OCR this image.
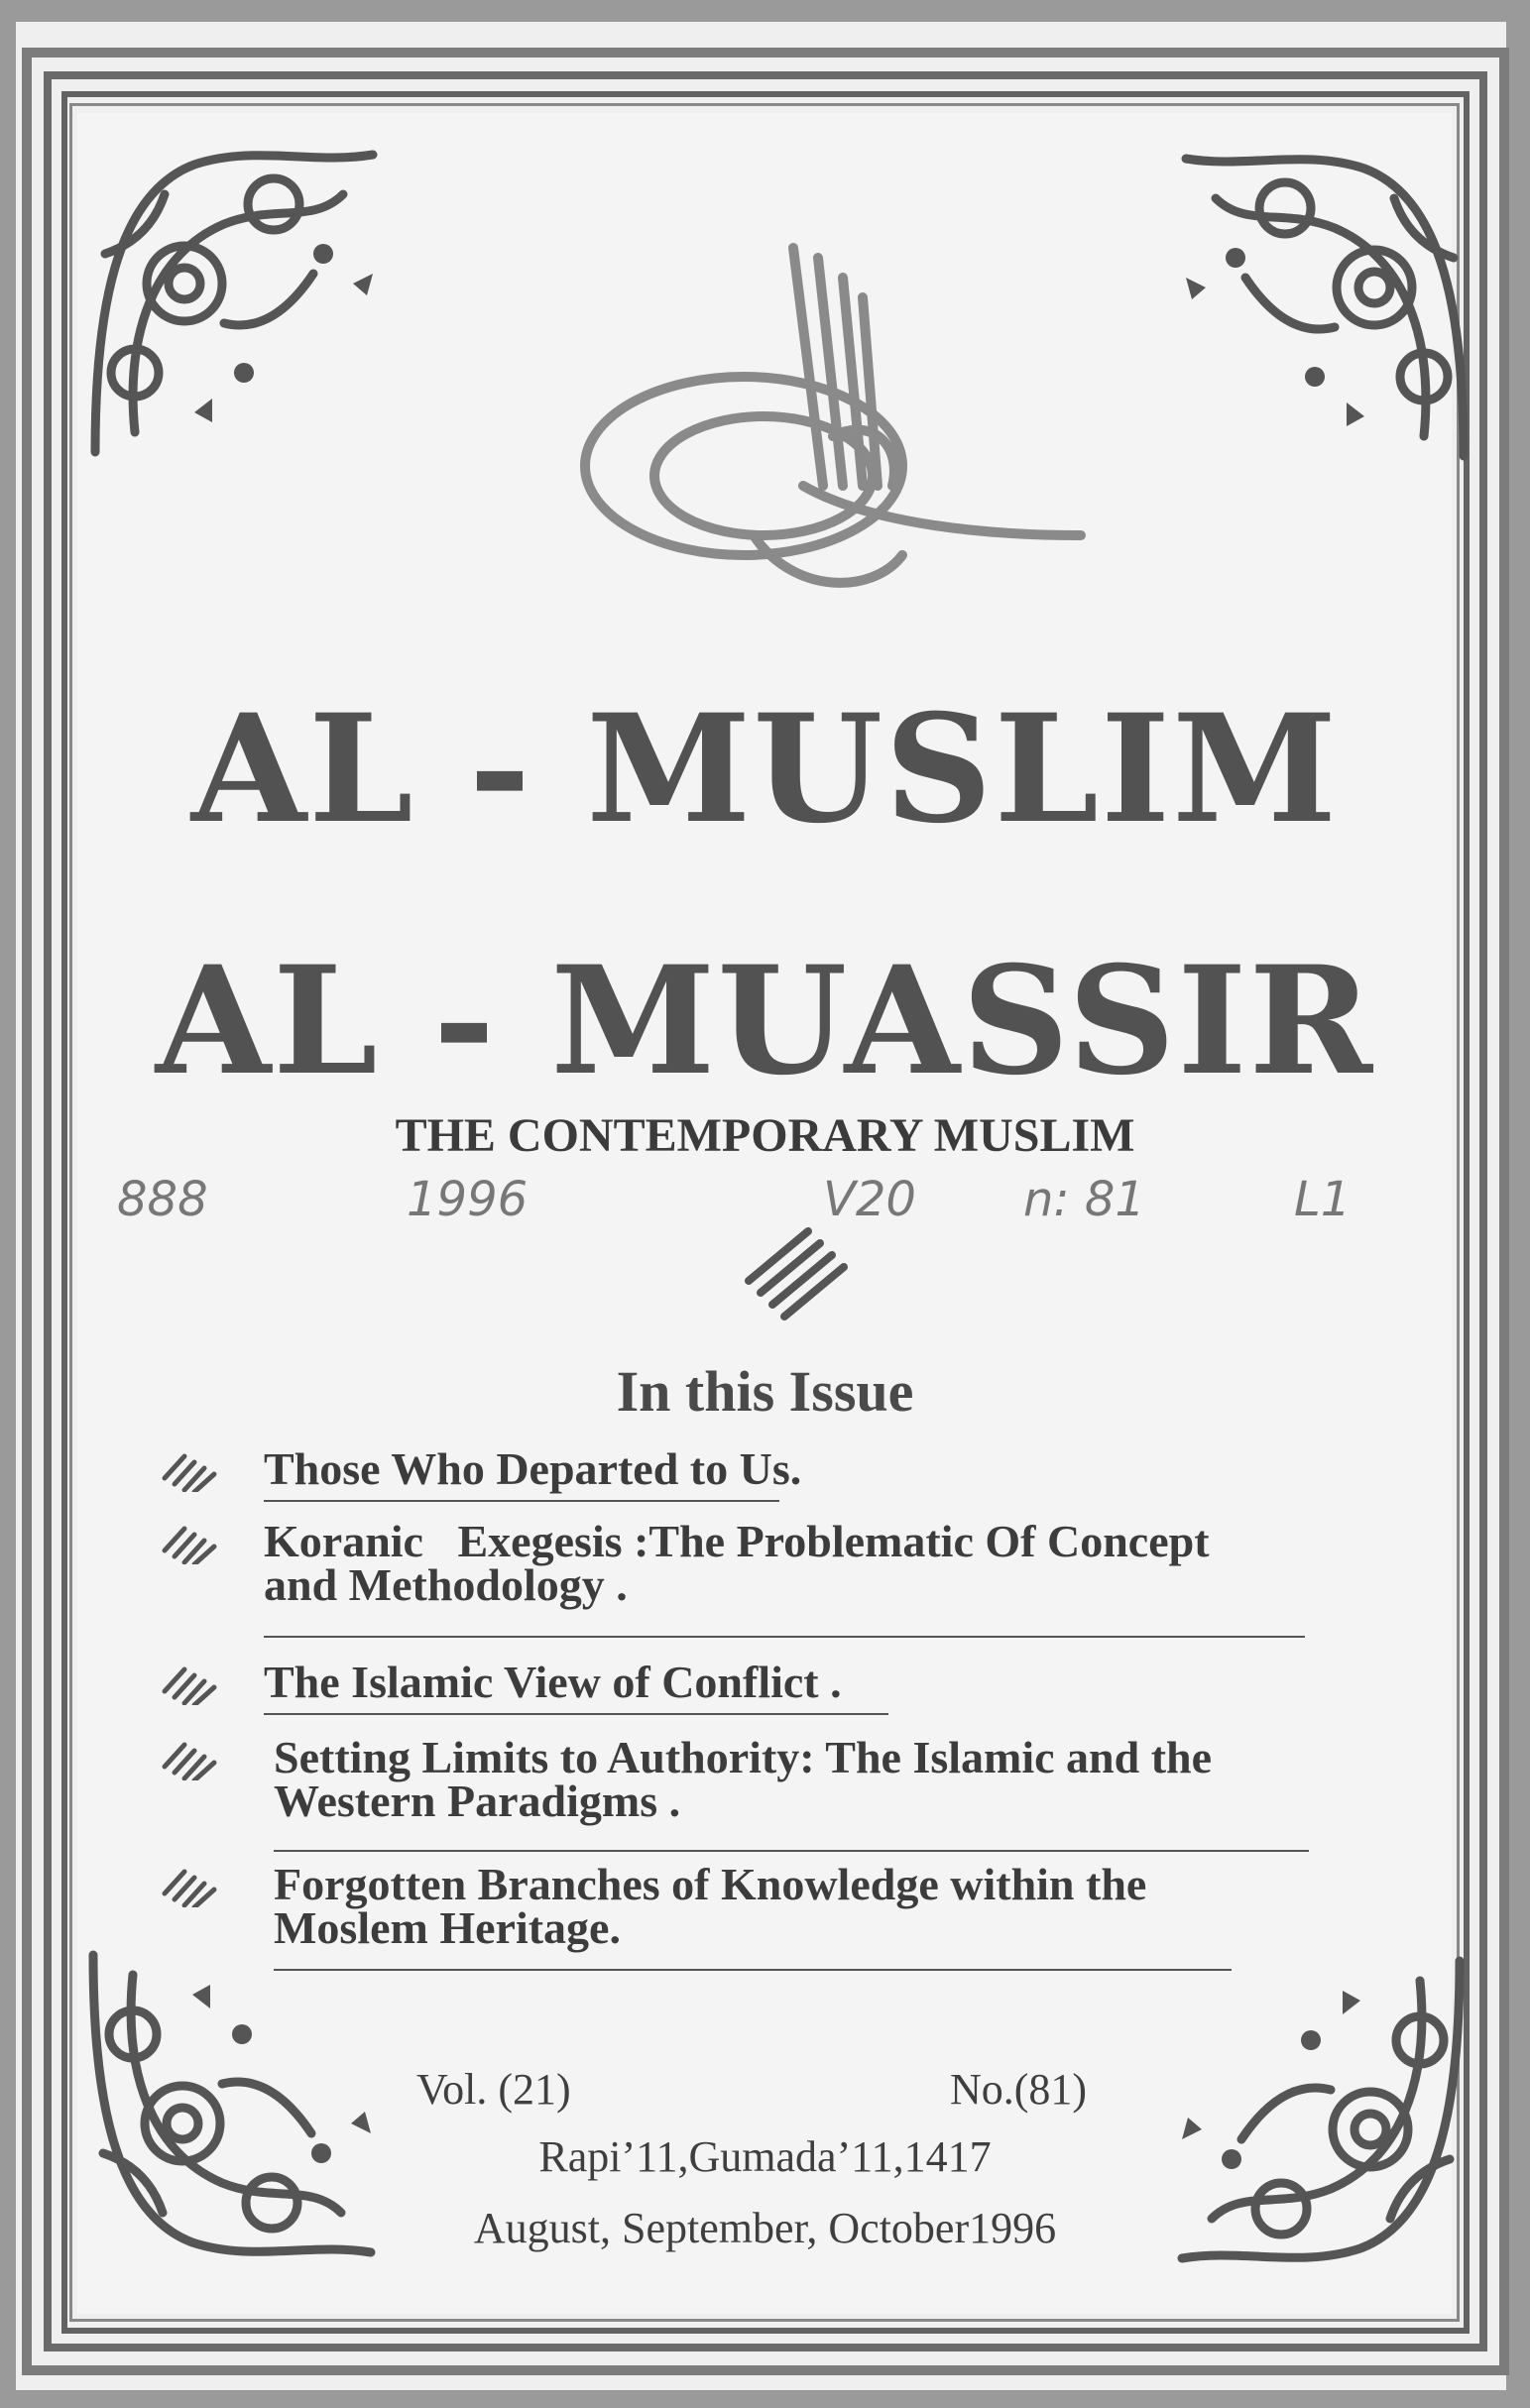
AL - MUSLIM
AL - MUASSIR
THE CONTEMPORARY MUSLIM
888	1996	V20 n: 81	L1
In this Issue
Those Who Departed to Us.
Koranic   Exegesis :The Problematic Of Concept
and Methodology .
The Islamic View of Conflict .
Setting Limits to Authority: The Islamic and the
Western Paradigms .
Forgotten Branches of Knowledge within the
Moslem Heritage.
Vol. (21)	No.(81)
Rapi’11,Gumada’11,1417
August, September, October1996
